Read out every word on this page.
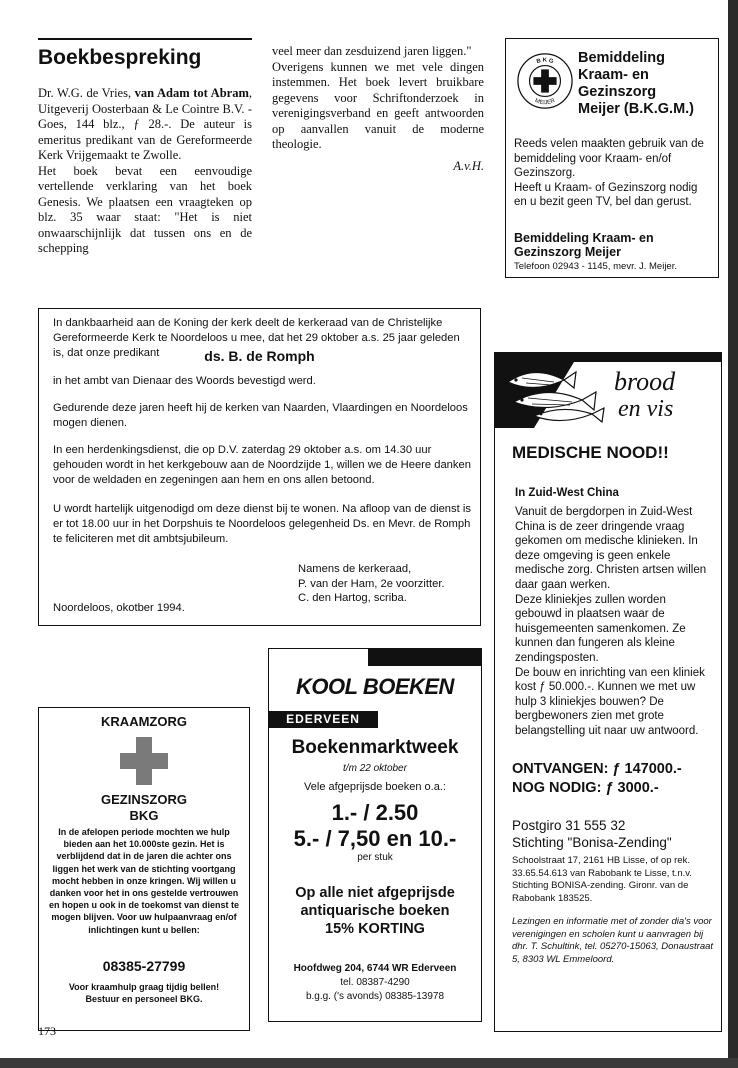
Boekbespreking
Dr. W.G. de Vries, van Adam tot Abram, Uitgeverij Oosterbaan & Le Cointre B.V. - Goes, 144 blz., ƒ 28.-. De auteur is emeritus predikant van de Gereformeerde Kerk Vrijgemaakt te Zwolle.
Het boek bevat een eenvoudige vertellende verklaring van het boek Genesis. We plaatsen een vraagteken op blz. 35 waar staat: "Het is niet onwaarschijnlijk dat tussen ons en de schepping
veel meer dan zesduizend jaren liggen."
Overigens kunnen we met vele dingen instemmen. Het boek levert bruikbare gegevens voor Schriftonderzoek in verenigingsverband en geeft antwoorden op aanvallen vanuit de moderne theologie.
A.v.H.
B K G
MEIJER
Bemiddeling
Kraam- en
Gezinszorg
Meijer (B.K.G.M.)
Reeds velen maakten gebruik van de bemiddeling voor Kraam- en/of Gezinszorg.
Heeft u Kraam- of Gezinszorg nodig en u bezit geen TV, bel dan gerust.
Bemiddeling Kraam- en Gezinszorg Meijer
Telefoon 02943 - 1145, mevr. J. Meijer.
In dankbaarheid aan de Koning der kerk deelt de kerkeraad van de Christelijke Gereformeerde Kerk te Noordeloos u mee, dat het 29 oktober a.s. 25 jaar geleden is, dat onze predikant	ds. B. de Romph
in het ambt van Dienaar des Woords bevestigd werd.
Gedurende deze jaren heeft hij de kerken van Naarden, Vlaardingen en Noordeloos mogen dienen.
In een herdenkingsdienst, die op D.V. zaterdag 29 oktober a.s. om 14.30 uur gehouden wordt in het kerkgebouw aan de Noordzijde 1, willen we de Heere danken voor de weldaden en zegeningen aan hem en ons allen betoond.
U wordt hartelijk uitgenodigd om deze dienst bij te wonen. Na afloop van de dienst is er tot 18.00 uur in het Dorpshuis te Noordeloos gelegenheid Ds. en Mevr. de Romph te feliciteren met dit ambtsjubileum.
Namens de kerkeraad,
P. van der Ham, 2e voorzitter.
C. den Hartog, scriba.
Noordeloos, okotber 1994.
brood
en vis
MEDISCHE NOOD!!
In Zuid-West China
Vanuit de bergdorpen in Zuid-West China is de zeer dringende vraag gekomen om medische klinieken. In deze omgeving is geen enkele medische zorg. Christen artsen willen daar gaan werken.
Deze kliniekjes zullen worden gebouwd in plaatsen waar de huisgemeenten samenkomen. Ze kunnen dan fungeren als kleine zendingsposten.
De bouw en inrichting van een kliniek kost ƒ 50.000.-. Kunnen we met uw hulp 3 kliniekjes bouwen? De bergbewoners zien met grote belangstelling uit naar uw antwoord.
ONTVANGEN: ƒ 147000.-
NOG NODIG: ƒ 3000.-
Postgiro 31 555 32
Stichting "Bonisa-Zending"
Schoolstraat 17, 2161 HB Lisse, of op rek. 33.65.54.613 van Rabobank te Lisse, t.n.v. Stichting BONISA-zending. Gironr. van de Rabobank 183525.
Lezingen en informatie met of zonder dia's voor verenigingen en scholen kunt u aanvragen bij dhr. T. Schultink, tel. 05270-15063, Donaustraat 5, 8303 WL Emmeloord.
KOOL BOEKEN
EDERVEEN
Boekenmarktweek
t/m 22 oktober
Vele afgeprijsde boeken o.a.:
1.- / 2.50
5.- / 7,50 en 10.-
per stuk
Op alle niet afgeprijsde
antiquarische boeken
15% KORTING
Hoofdweg 204, 6744 WR Ederveen
tel. 08387-4290
b.g.g. ('s avonds) 08385-13978
KRAAMZORG
GEZINSZORG
BKG
In de afelopen periode mochten we hulp bieden aan het 10.000ste gezin. Het is verblijdend dat in de jaren die achter ons liggen het werk van de stichting voortgang mocht hebben in onze kringen. Wij willen u danken voor het in ons gestelde vertrouwen en hopen u ook in de toekomst van dienst te mogen blijven. Voor uw hulpaanvraag en/of inlichtingen kunt u bellen:
08385-27799
Voor kraamhulp graag tijdig bellen!
Bestuur en personeel BKG.
173
